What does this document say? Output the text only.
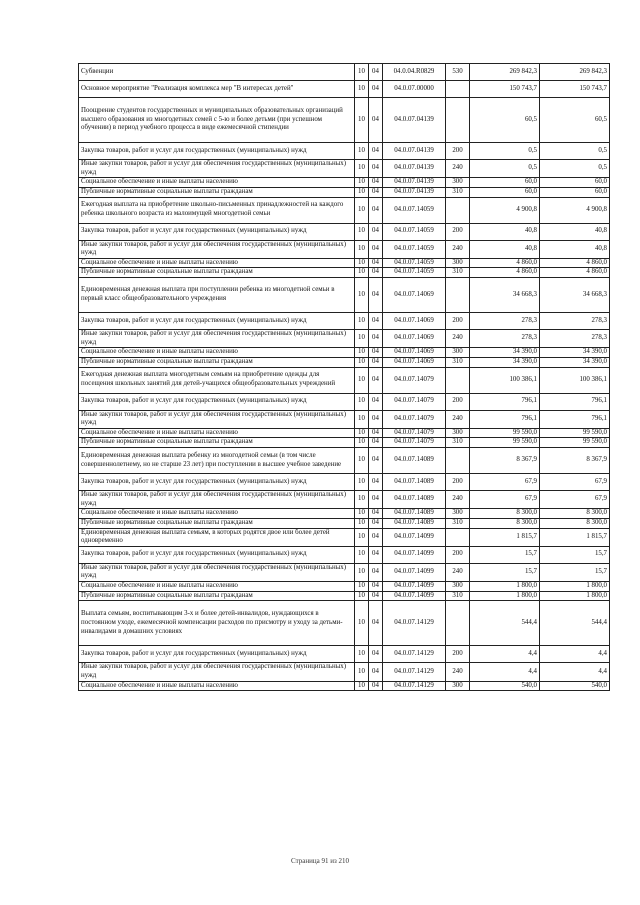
Субвенции	10	04	04.0.04.R0829	530	269 842,3	269 842,3
Основное мероприятие "Реализация комплекса мер "В интересах детей"	10	04	04.0.07.00000		150 743,7	150 743,7
Поощрение студентов государственных и муниципальных образовательных организаций высшего образования из многодетных семей с 5-ю и более детьми (при успешном обучении) в период учебного процесса в виде ежемесячной стипендии	10	04	04.0.07.04139		60,5	60,5
Закупка товаров, работ и услуг для государственных (муниципальных) нужд	10	04	04.0.07.04139	200	0,5	0,5
Иные закупки товаров, работ и услуг для обеспечения государственных (муниципальных) нужд	10	04	04.0.07.04139	240	0,5	0,5
Социальное обеспечение и иные выплаты населению	10	04	04.0.07.04139	300	60,0	60,0
Публичные нормативные социальные выплаты гражданам	10	04	04.0.07.04139	310	60,0	60,0
Ежегодная выплата на приобретение школьно-письменных принадлежностей на каждого ребенка школьного возраста из малоимущей многодетной семьи	10	04	04.0.07.14059		4 900,8	4 900,8
Закупка товаров, работ и услуг для государственных (муниципальных) нужд	10	04	04.0.07.14059	200	40,8	40,8
Иные закупки товаров, работ и услуг для обеспечения государственных (муниципальных) нужд	10	04	04.0.07.14059	240	40,8	40,8
Социальное обеспечение и иные выплаты населению	10	04	04.0.07.14059	300	4 860,0	4 860,0
Публичные нормативные социальные выплаты гражданам	10	04	04.0.07.14059	310	4 860,0	4 860,0
Единовременная денежная выплата при поступлении ребенка из многодетной семьи в первый класс общеобразовательного учреждения	10	04	04.0.07.14069		34 668,3	34 668,3
Закупка товаров, работ и услуг для государственных (муниципальных) нужд	10	04	04.0.07.14069	200	278,3	278,3
Иные закупки товаров, работ и услуг для обеспечения государственных (муниципальных) нужд	10	04	04.0.07.14069	240	278,3	278,3
Социальное обеспечение и иные выплаты населению	10	04	04.0.07.14069	300	34 390,0	34 390,0
Публичные нормативные социальные выплаты гражданам	10	04	04.0.07.14069	310	34 390,0	34 390,0
Ежегодная денежная выплата многодетным семьям на приобретение одежды для посещения школьных занятий для детей-учащихся общеобразовательных учреждений	10	04	04.0.07.14079		100 386,1	100 386,1
Закупка товаров, работ и услуг для государственных (муниципальных) нужд	10	04	04.0.07.14079	200	796,1	796,1
Иные закупки товаров, работ и услуг для обеспечения государственных (муниципальных) нужд	10	04	04.0.07.14079	240	796,1	796,1
Социальное обеспечение и иные выплаты населению	10	04	04.0.07.14079	300	99 590,0	99 590,0
Публичные нормативные социальные выплаты гражданам	10	04	04.0.07.14079	310	99 590,0	99 590,0
Единовременная денежная выплата ребенку из многодетной семьи (в том числе совершеннолетнему, но не старше 23 лет) при поступлении в высшее учебное заведение	10	04	04.0.07.14089		8 367,9	8 367,9
Закупка товаров, работ и услуг для государственных (муниципальных) нужд	10	04	04.0.07.14089	200	67,9	67,9
Иные закупки товаров, работ и услуг для обеспечения государственных (муниципальных) нужд	10	04	04.0.07.14089	240	67,9	67,9
Социальное обеспечение и иные выплаты населению	10	04	04.0.07.14089	300	8 300,0	8 300,0
Публичные нормативные социальные выплаты гражданам	10	04	04.0.07.14089	310	8 300,0	8 300,0
Единовременная денежная выплата семьям, в которых родятся двое или более детей одновременно	10	04	04.0.07.14099		1 815,7	1 815,7
Закупка товаров, работ и услуг для государственных (муниципальных) нужд	10	04	04.0.07.14099	200	15,7	15,7
Иные закупки товаров, работ и услуг для обеспечения государственных (муниципальных) нужд	10	04	04.0.07.14099	240	15,7	15,7
Социальное обеспечение и иные выплаты населению	10	04	04.0.07.14099	300	1 800,0	1 800,0
Публичные нормативные социальные выплаты гражданам	10	04	04.0.07.14099	310	1 800,0	1 800,0
Выплата семьям, воспитывающим 3-х и более детей-инвалидов, нуждающихся в постоянном уходе, ежемесячной компенсации расходов по присмотру и уходу за детьми-инвалидами в домашних условиях	10	04	04.0.07.14129		544,4	544,4
Закупка товаров, работ и услуг для государственных (муниципальных) нужд	10	04	04.0.07.14129	200	4,4	4,4
Иные закупки товаров, работ и услуг для обеспечения государственных (муниципальных) нужд	10	04	04.0.07.14129	240	4,4	4,4
Социальное обеспечение и иные выплаты населению	10	04	04.0.07.14129	300	540,0	540,0
Страница 91 из 210
